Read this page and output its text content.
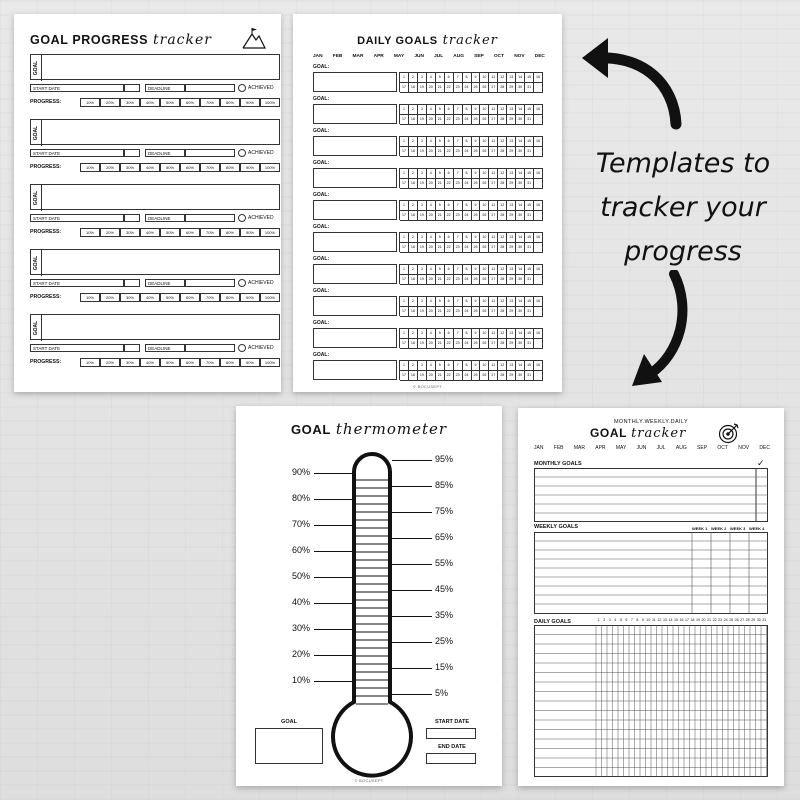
GOAL PROGRESS tracker
GOAL
START DATE	DEADLINE	ACHIEVED
PROGRESS:	10%	20%	30%	40%	50%	60%	70%	80%	90%	100%
GOAL
START DATE	DEADLINE	ACHIEVED
PROGRESS:	10%	20%	30%	40%	50%	60%	70%	80%	90%	100%
GOAL
START DATE	DEADLINE	ACHIEVED
PROGRESS:	10%	20%	30%	40%	50%	60%	70%	80%	90%	100%
GOAL
START DATE	DEADLINE	ACHIEVED
PROGRESS:	10%	20%	30%	40%	50%	60%	70%	80%	90%	100%
GOAL
START DATE	DEADLINE	ACHIEVED
PROGRESS:	10%	20%	30%	40%	50%	60%	70%	80%	90%	100%
DAILY GOALS tracker
JAN FEB MAR APR MAY JUN JUL AUG SEP OCT NOV DEC
GOAL:
1	2	3	4	5	6	7	8	9	10	11	12	13	14	15	16
17	18	19	20	21	22	23	24	25	26	27	28	29	30	31
GOAL:
1	2	3	4	5	6	7	8	9	10	11	12	13	14	15	16
17	18	19	20	21	22	23	24	25	26	27	28	29	30	31
GOAL:
1	2	3	4	5	6	7	8	9	10	11	12	13	14	15	16
17	18	19	20	21	22	23	24	25	26	27	28	29	30	31
GOAL:
1	2	3	4	5	6	7	8	9	10	11	12	13	14	15	16
17	18	19	20	21	22	23	24	25	26	27	28	29	30	31
GOAL:
1	2	3	4	5	6	7	8	9	10	11	12	13	14	15	16
17	18	19	20	21	22	23	24	25	26	27	28	29	30	31
GOAL:
1	2	3	4	5	6	7	8	9	10	11	12	13	14	15	16
17	18	19	20	21	22	23	24	25	26	27	28	29	30	31
GOAL:
1	2	3	4	5	6	7	8	9	10	11	12	13	14	15	16
17	18	19	20	21	22	23	24	25	26	27	28	29	30	31
GOAL:
1	2	3	4	5	6	7	8	9	10	11	12	13	14	15	16
17	18	19	20	21	22	23	24	25	26	27	28	29	30	31
GOAL:
1	2	3	4	5	6	7	8	9	10	11	12	13	14	15	16
17	18	19	20	21	22	23	24	25	26	27	28	29	30	31
GOAL:
1	2	3	4	5	6	7	8	9	10	11	12	13	14	15	16
17	18	19	20	21	22	23	24	25	26	27	28	29	30	31
© BOCUSEPT
GOAL thermometer
90%
80%
70%
60%
50%
40%
30%
20%
10%
95%
85%
75%
65%
55%
45%
35%
25%
15%
5%
GOAL	START DATE
END DATE
© BOCUSEPT
MONTHLY.WEEKLY.DAILY
GOAL tracker
JAN FEB MAR APR MAY JUN JUL AUG SEP OCT NOV DEC
MONTHLY GOALS	✓
WEEKLY GOALS	WEEK 1 WEEK 2 WEEK 3 WEEK 4
DAILY GOALS	1 2 3 4 5 6 7 8 9 10 11 12 13 14 15 16 17 18 19 20 21 22 23 24 25 26 27 28 29 30 31
Templates to
tracker your
progress
